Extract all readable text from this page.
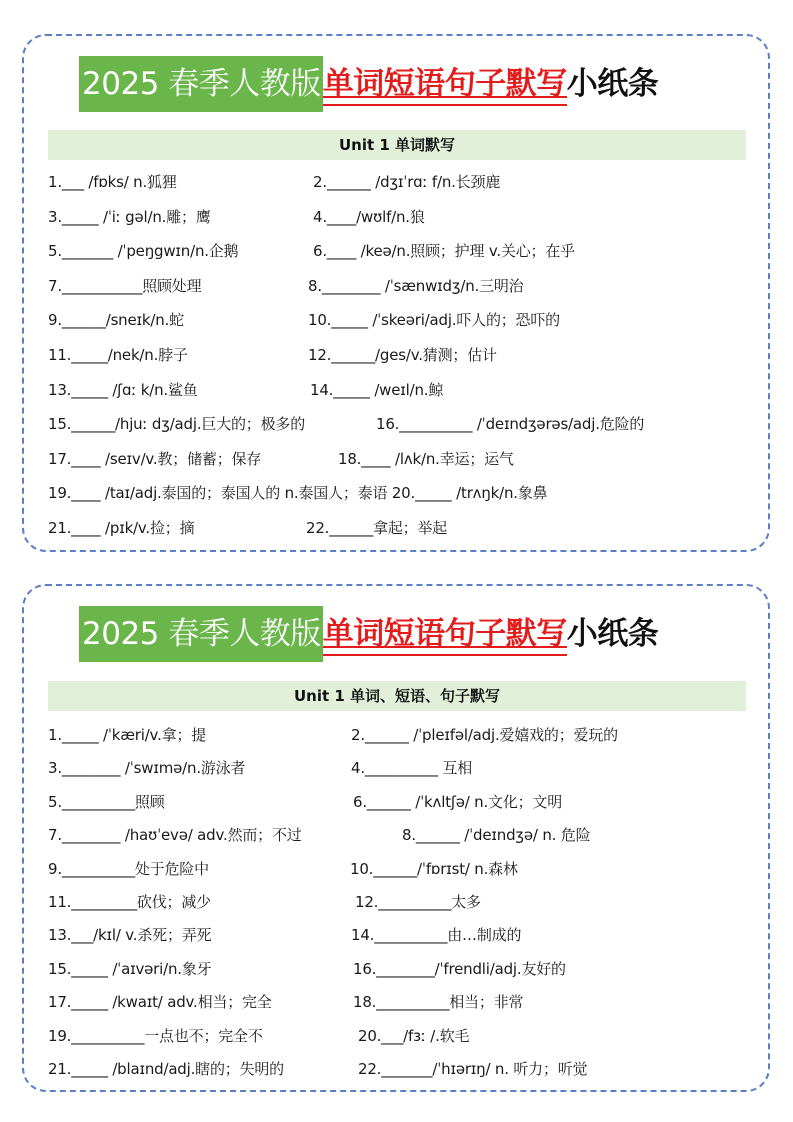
2025 春季人教版 单词短语句子默写 小纸条
Unit 1 单词默写
1.___ /fɒks/ n.狐狸	2.______ /dʒɪˈrɑː f/n.长颈鹿
3._____ /ˈiː gəl/n.雕；鹰	4.____/wʊlf/n.狼
5._______ /ˈpeŋgwɪn/n.企鹅	6.____ /keə/n.照顾；护理 v.关心；在乎
7.___________照顾处理	8.________ /ˈsænwɪdʒ/n.三明治
9.______/sneɪk/n.蛇	10._____ /ˈskeəri/adj.吓人的；恐吓的
11._____/nek/n.脖子	12.______/ges/v.猜测；估计
13._____ /ʃɑː k/n.鲨鱼	14._____ /weɪl/n.鲸
15.______/hjuː dʒ/adj.巨大的；极多的	16.__________ /ˈdeɪndʒərəs/adj.危险的
17.____ /seɪv/v.教；储蓄；保存	18.____ /lʌk/n.幸运；运气
19.____ /taɪ/adj.泰国的；泰国人的 n.泰国人；泰语 20._____ /trʌŋk/n.象鼻
21.____ /pɪk/v.捡；摘	22.______拿起；举起
2025 春季人教版 单词短语句子默写 小纸条
Unit 1 单词、短语、句子默写
1._____ /ˈkæri/v.拿；提	2.______ /ˈpleɪfəl/adj.爱嬉戏的；爱玩的
3.________ /ˈswɪmə/n.游泳者	4.__________ 互相
5.__________照顾	6.______ /ˈkʌltʃə/ n.文化；文明
7.________ /haʊˈevə/ adv.然而；不过	8.______ /ˈdeɪndʒə/ n. 危险
9.__________处于危险中	10.______/ˈfɒrɪst/ n.森林
11._________砍伐；减少	12.__________太多
13.___/kɪl/ v.杀死；弄死	14.__________由…制成的
15._____ /ˈaɪvəri/n.象牙	16.________/ˈfrendli/adj.友好的
17._____ /kwaɪt/ adv.相当；完全	18.__________相当；非常
19.__________一点也不；完全不	20.___/fɜː /.软毛
21._____ /blaɪnd/adj.瞎的；失明的	22._______/ˈhɪərɪŋ/ n. 听力；听觉
